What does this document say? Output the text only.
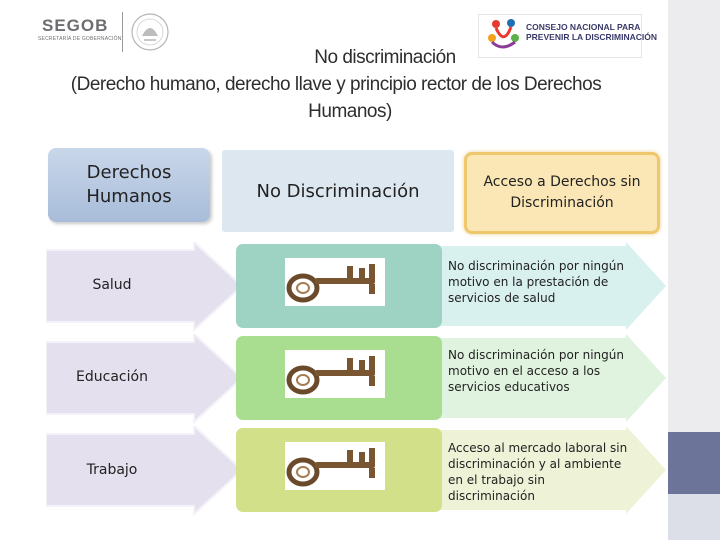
SEGOB
SECRETARÍA DE GOBERNACIÓN
CONSEJO NACIONAL PARA
PREVENIR LA DISCRIMINACIÓN
No discriminación
(Derecho humano, derecho llave y principio rector de los Derechos
Humanos)
Derechos Humanos	No Discriminación	Acceso a Derechos sin Discriminación
Salud
Educación
Trabajo
No discriminación por ningún motivo en la prestación de servicios de salud
No discriminación por ningún motivo en el acceso a los servicios educativos
Acceso al mercado laboral sin discriminación y al ambiente en el trabajo sin discriminación
